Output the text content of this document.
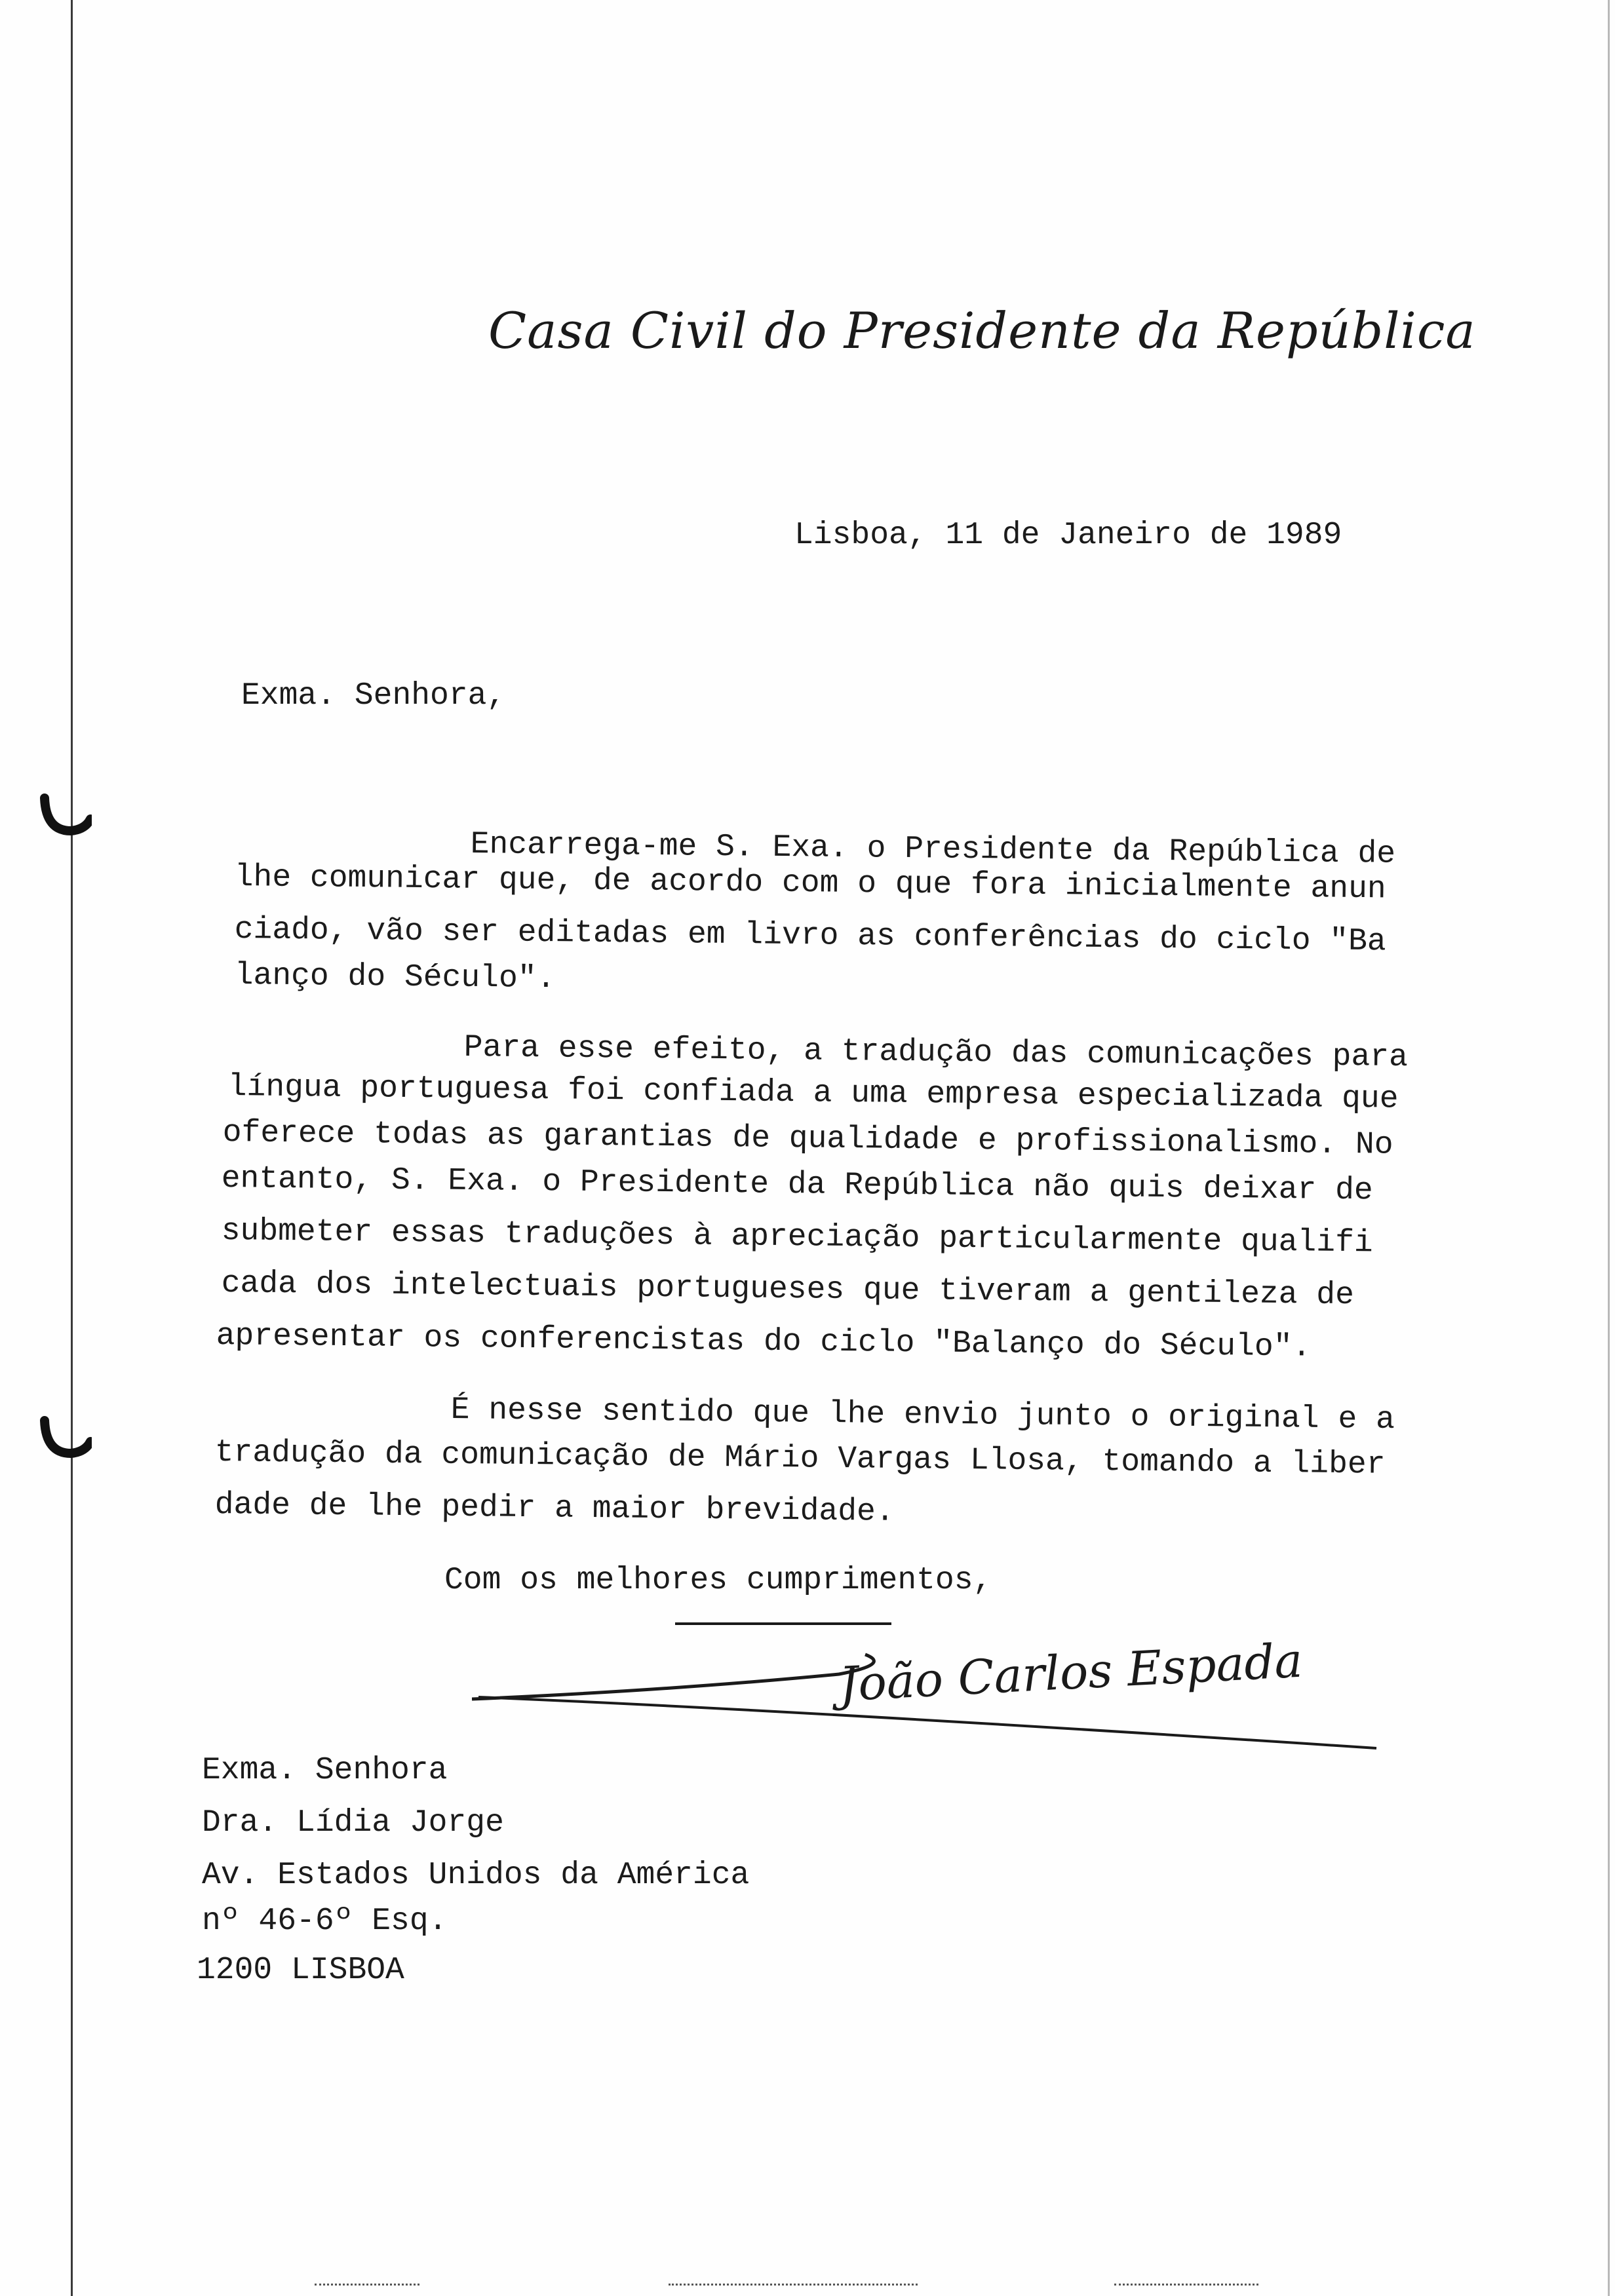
Casa Civil do Presidente da República
Lisboa, 11 de Janeiro de 1989
Exma. Senhora,
Encarrega-me S. Exa. o Presidente da República de
lhe comunicar que, de acordo com o que fora inicialmente anun
ciado, vão ser editadas em livro as conferências do ciclo "Ba
lanço do Século".
Para esse efeito, a tradução das comunicações para
língua portuguesa foi confiada a uma empresa especializada que
oferece todas as garantias de qualidade e profissionalismo. No
entanto, S. Exa. o Presidente da República não quis deixar de
submeter essas traduções à apreciação particularmente qualifi
cada dos intelectuais portugueses que tiveram a gentileza de
apresentar os conferencistas do ciclo "Balanço do Século".
É nesse sentido que lhe envio junto o original e a
tradução da comunicação de Mário Vargas Llosa, tomando a liber
dade de lhe pedir a maior brevidade.
Com os melhores cumprimentos,
João Carlos Espada
Exma. Senhora
Dra. Lídia Jorge
Av. Estados Unidos da América
nº 46-6º Esq.
1200 LISBOA
